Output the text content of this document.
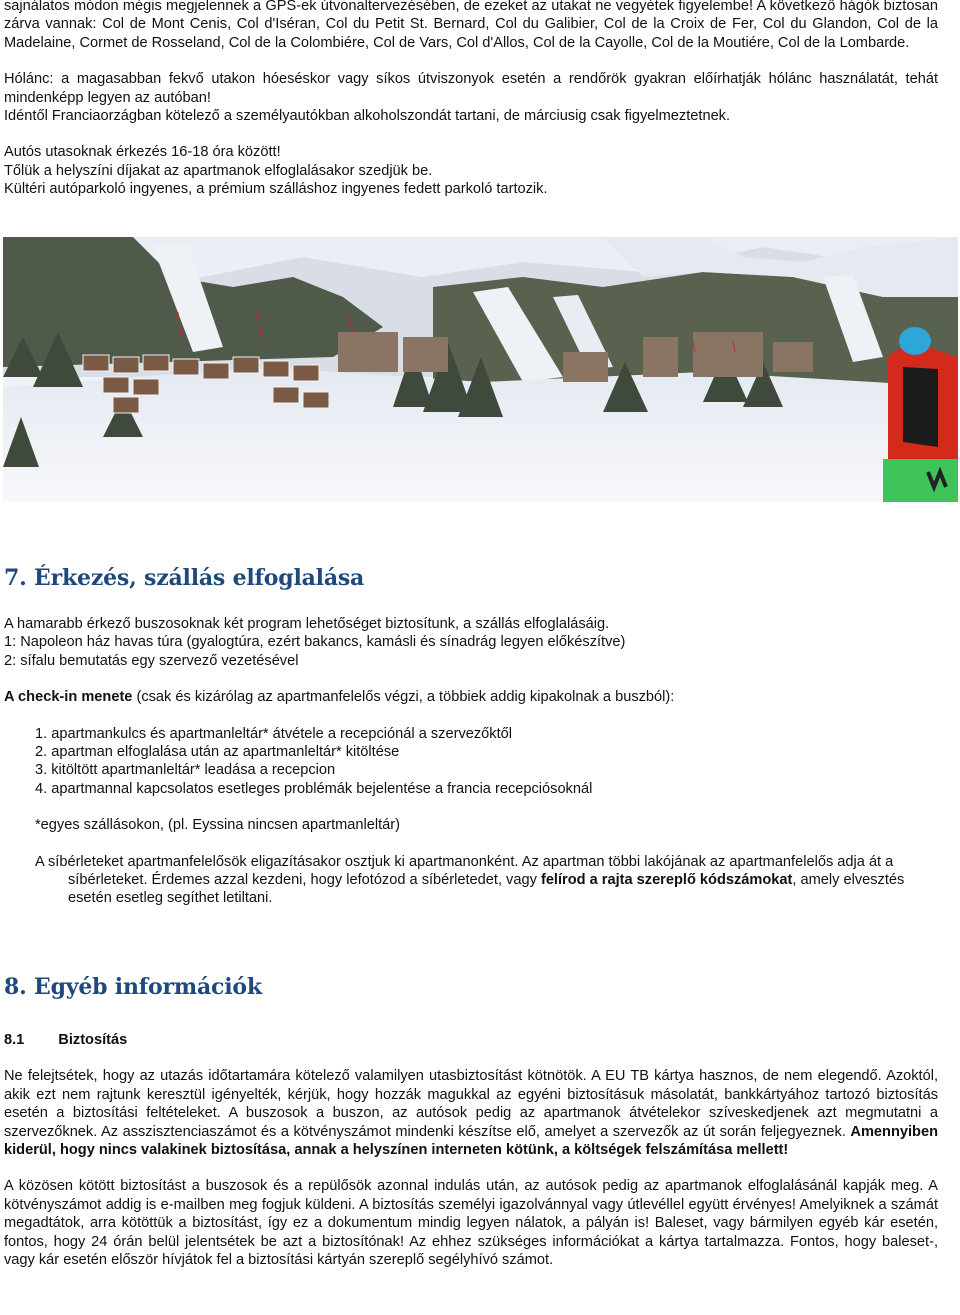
sajnálatos módon mégis megjelennek a GPS-ek útvonaltervezésében, de ezeket az utakat ne vegyétek figyelembe! A következő hágók biztosan zárva vannak: Col de Mont Cenis, Col d'Iséran, Col du Petit St. Bernard, Col du Galibier, Col de la Croix de Fer, Col du Glandon, Col de la Madelaine, Cormet de Rosseland, Col de la Colombiére, Col de Vars, Col d'Allos, Col de la Cayolle, Col de la Moutiére, Col de la Lombarde.

Hólánc: a magasabban fekvő utakon hóeséskor vagy síkos útviszonyok esetén a rendőrök gyakran előírhatják hólánc használatát, tehát mindenképp legyen az autóban!

Idéntől Franciaorzágban kötelező a személyautókban alkoholszondát tartani, de márciusig csak figyelmeztetnek.

Autós utasoknak érkezés 16-18 óra között!

Tőlük a helyszíni díjakat az apartmanok elfoglalásakor szedjük be.

Kültéri autóparkoló ingyenes, a prémium szálláshoz ingyenes fedett parkoló tartozik.

7. Érkezés, szállás elfoglalása

A hamarabb érkező buszosoknak két program lehetőséget biztosítunk, a szállás elfoglalásáig.

1: Napoleon ház havas túra (gyalogtúra, ezért bakancs, kamásli és sínadrág legyen előkészítve)

2: sífalu bemutatás egy szervező vezetésével

A check-in menete (csak és kizárólag az apartmanfelelős végzi, a többiek addig kipakolnak a buszból):

1. apartmankulcs és apartmanleltár* átvétele a recepciónál a szervezőktől
2. apartman elfoglalása után az apartmanleltár* kitöltése
3. kitöltött apartmanleltár* leadása a recepcion
4. apartmannal kapcsolatos esetleges problémák bejelentése a francia recepciósoknál

*egyes szállásokon, (pl. Eyssina nincsen apartmanleltár)

A síbérleteket apartmanfelelősök eligazításakor osztjuk ki apartmanonként. Az apartman többi lakójának az apartmanfelelős adja át a síbérleteket. Érdemes azzal kezdeni, hogy lefotózod a síbérletedet, vagy felírod a rajta szereplő kódszámokat, amely elvesztés esetén esetleg segíthet letiltani.

8. Egyéb információk

8.1 Biztosítás

Ne felejtsétek, hogy az utazás időtartamára kötelező valamilyen utasbiztosítást kötnötök. A EU TB kártya hasznos, de nem elegendő. Azoktól, akik ezt nem rajtunk keresztül igényelték, kérjük, hogy hozzák magukkal az egyéni biztosításuk másolatát, bankkártyához tartozó biztosítás esetén a biztosítási feltételeket. A buszosok a buszon, az autósok pedig az apartmanok átvételekor szíveskedjenek azt megmutatni a szervezőknek. Az asszisztenciaszámot és a kötvényszámot mindenki készítse elő, amelyet a szervezők az út során feljegyeznek. Amennyiben kiderül, hogy nincs valakinek biztosítása, annak a helyszínen interneten kötünk, a költségek felszámítása mellett!

A közösen kötött biztosítást a buszosok és a repülősök azonnal indulás után, az autósok pedig az apartmanok elfoglalásánál kapják meg. A kötvényszámot addig is e-mailben meg fogjuk küldeni. A biztosítás személyi igazolvánnyal vagy útlevéllel együtt érvényes! Amelyiknek a számát megadtátok, arra kötöttük a biztosítást, így ez a dokumentum mindig legyen nálatok, a pályán is! Baleset, vagy bármilyen egyéb kár esetén, fontos, hogy 24 órán belül jelentsétek be azt a biztosítónak! Az ehhez szükséges információkat a kártya tartalmazza. Fontos, hogy baleset-, vagy kár esetén először hívjátok fel a biztosítási kártyán szereplő segélyhívó számot.
